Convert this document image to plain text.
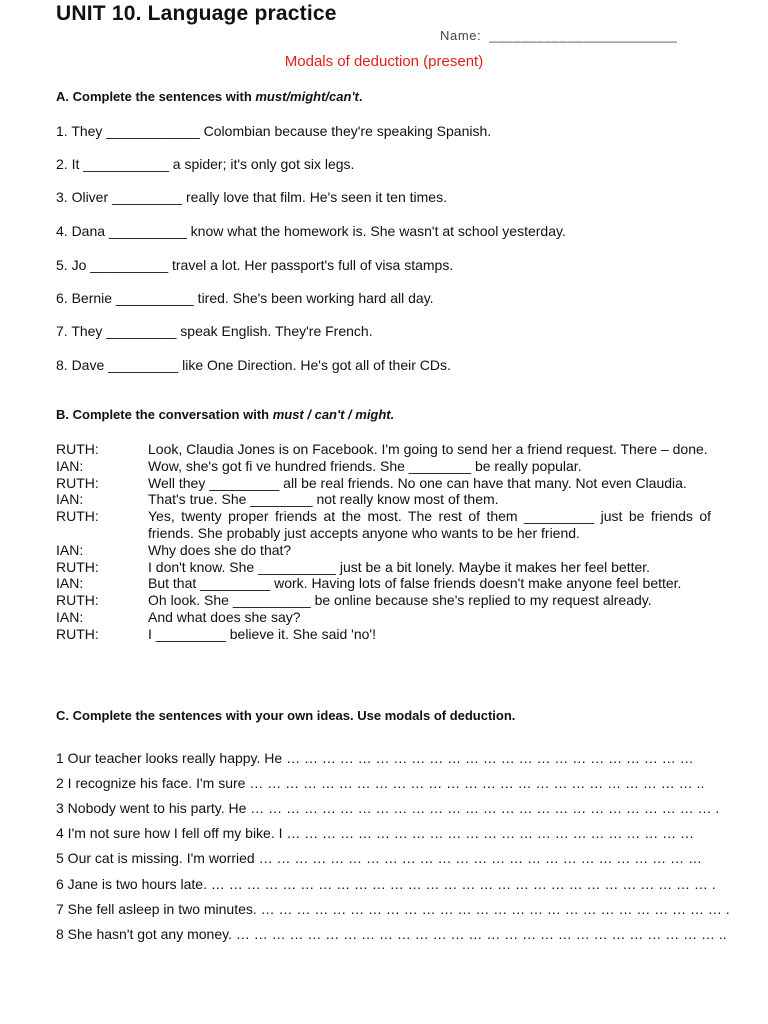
UNIT 10. Language practice
Name: ________________________
Modals of deduction (present)
A. Complete the sentences with must/might/can't.
1. They ____________ Colombian because they're speaking Spanish.
2. It ___________ a spider; it's only got six legs.
3. Oliver _________ really love that film. He's seen it ten times.
4. Dana __________ know what the homework is. She wasn't at school yesterday.
5. Jo __________ travel a lot. Her passport's full of visa stamps.
6. Bernie __________ tired. She's been working hard all day.
7. They _________ speak English. They're French.
8. Dave _________ like One Direction. He's got all of their CDs.
B. Complete the conversation with must / can't / might.
RUTH:	Look, Claudia Jones is on Facebook. I'm going to send her a friend request. There – done.
IAN:	Wow, she's got fi ve hundred friends. She ________ be really popular.
RUTH:	Well they _________ all be real friends. No one can have that many. Not even Claudia.
IAN:	That's true. She ________ not really know most of them.
RUTH:	Yes, twenty proper friends at the most. The rest of them _________ just be friends of friends. She probably just accepts anyone who wants to be her friend.
IAN:	Why does she do that?
RUTH:	I don't know. She __________ just be a bit lonely. Maybe it makes her feel better.
IAN:	But that _________ work. Having lots of false friends doesn't make anyone feel better.
RUTH:	Oh look. She __________ be online because she's replied to my request already.
IAN:	And what does she say?
RUTH:	I _________ believe it. She said 'no'!
C. Complete the sentences with your own ideas. Use modals of deduction.
1 Our teacher looks really happy. He … … … … … … … … … … … … … … … … … … … … … … …
2 I recognize his face. I'm sure … … … … … … … … … … … … … … … … … … … … … … … … … ..
3 Nobody went to his party. He … … … … … … … … … … … … … … … … … … … … … … … … … … .
4 I'm not sure how I fell off my bike. I … … … … … … … … … … … … … … … … … … … … … … …
5 Our cat is missing. I'm worried … … … … … … … … … … … … … … … … … … … … … … … … …
6 Jane is two hours late. … … … … … … … … … … … … … … … … … … … … … … … … … … … … .
7 She fell asleep in two minutes. … … … … … … … … … … … … … … … … … … … … … … … … … … .
8 She hasn't got any money. … … … … … … … … … … … … … … … … … … … … … … … … … … … ..
